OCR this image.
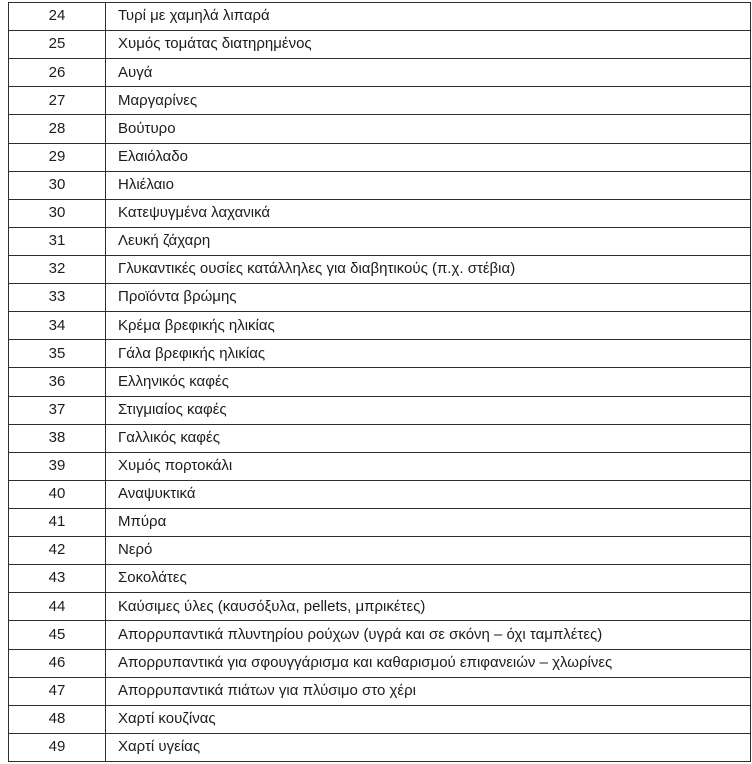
24	Τυρί με χαμηλά λιπαρά
25	Χυμός τομάτας διατηρημένος
26	Αυγά
27	Μαργαρίνες
28	Βούτυρο
29	Ελαιόλαδο
30	Ηλιέλαιο
30	Κατεψυγμένα λαχανικά
31	Λευκή ζάχαρη
32	Γλυκαντικές ουσίες κατάλληλες για διαβητικούς (π.χ. στέβια)
33	Προϊόντα βρώμης
34	Κρέμα βρεφικής ηλικίας
35	Γάλα βρεφικής ηλικίας
36	Ελληνικός καφές
37	Στιγμιαίος καφές
38	Γαλλικός καφές
39	Χυμός πορτοκάλι
40	Αναψυκτικά
41	Μπύρα
42	Νερό
43	Σοκολάτες
44	Καύσιμες ύλες (καυσόξυλα, pellets, μπρικέτες)
45	Απορρυπαντικά πλυντηρίου ρούχων (υγρά και σε σκόνη – όχι ταμπλέτες)
46	Απορρυπαντικά για σφουγγάρισμα και καθαρισμού επιφανειών – χλωρίνες
47	Απορρυπαντικά πιάτων για πλύσιμο στο χέρι
48	Χαρτί κουζίνας
49	Χαρτί υγείας
